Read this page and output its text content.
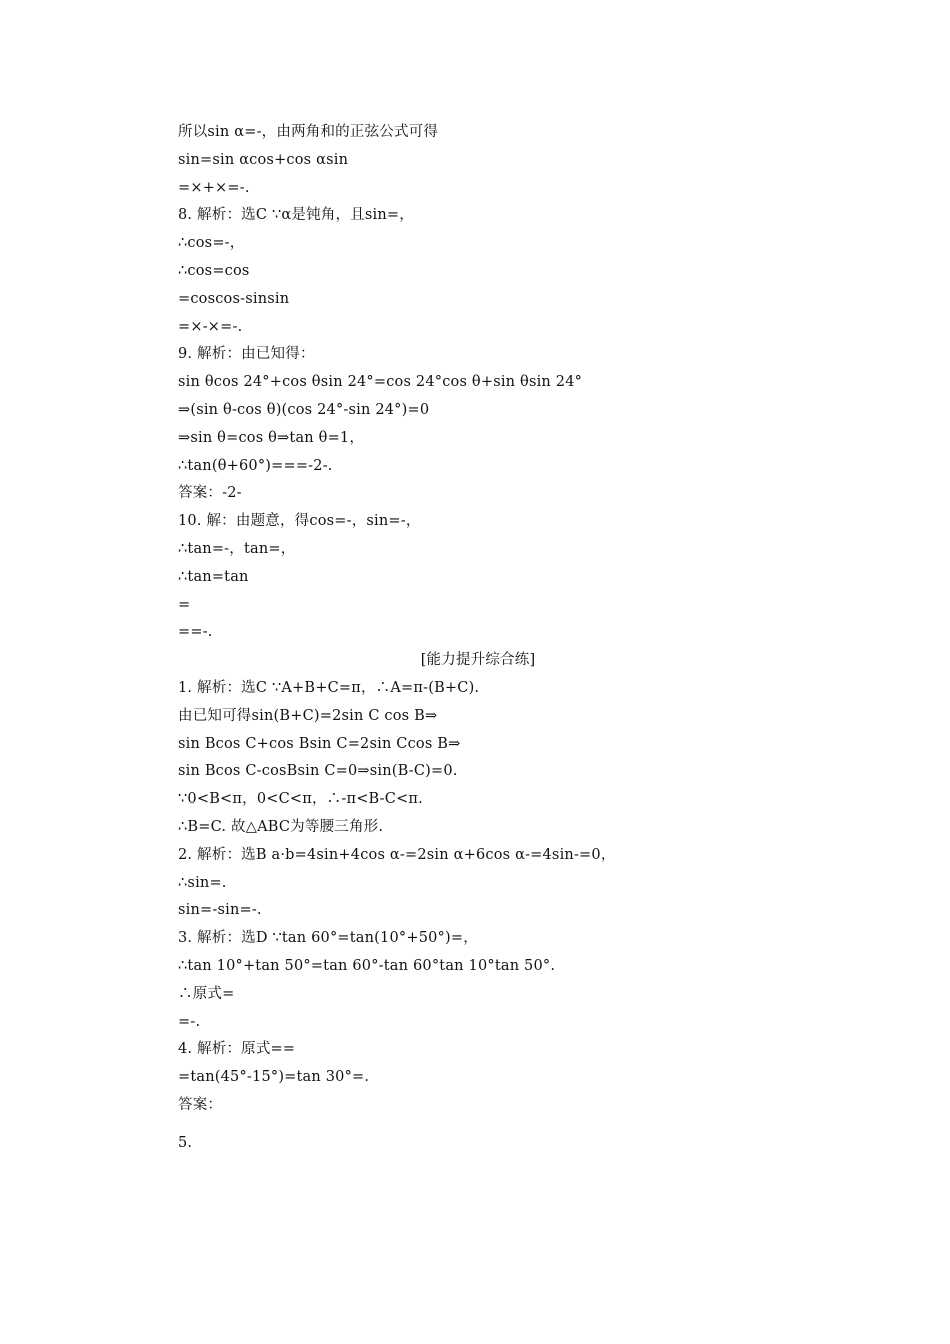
所以sin α=-，由两角和的正弦公式可得
sin=sin αcos+cos αsin
=×+×=-.
8. 解析：选C ∵α是钝角，且sin=，
∴cos=-，
∴cos=cos
=coscos-sinsin
=×-×=-.
9. 解析：由已知得：
sin θcos 24°+cos θsin 24°=cos 24°cos θ+sin θsin 24°
⇒(sin θ-cos θ)(cos 24°-sin 24°)=0
⇒sin θ=cos θ⇒tan θ=1，
∴tan(θ+60°)===-2-.
答案：-2-
10. 解：由题意，得cos=-，sin=-，
∴tan=-，tan=，
∴tan=tan
=
==-.
[能力提升综合练]
1. 解析：选C ∵A+B+C=π，∴A=π-(B+C).
由已知可得sin(B+C)=2sin C cos B⇒
sin Bcos C+cos Bsin C=2sin Ccos B⇒
sin Bcos C-cosBsin C=0⇒sin(B-C)=0.
∵0<B<π，0<C<π，∴-π<B-C<π.
∴B=C. 故△ABC为等腰三角形.
2. 解析：选B a·b=4sin+4cos α-=2sin α+6cos α-=4sin-=0，
∴sin=.
sin=-sin=-.
3. 解析：选D ∵tan 60°=tan(10°+50°)=，
∴tan 10°+tan 50°=tan 60°-tan 60°tan 10°tan 50°.
∴原式=
=-.
4. 解析：原式==
=tan(45°-15°)=tan 30°=.
答案：
5.
